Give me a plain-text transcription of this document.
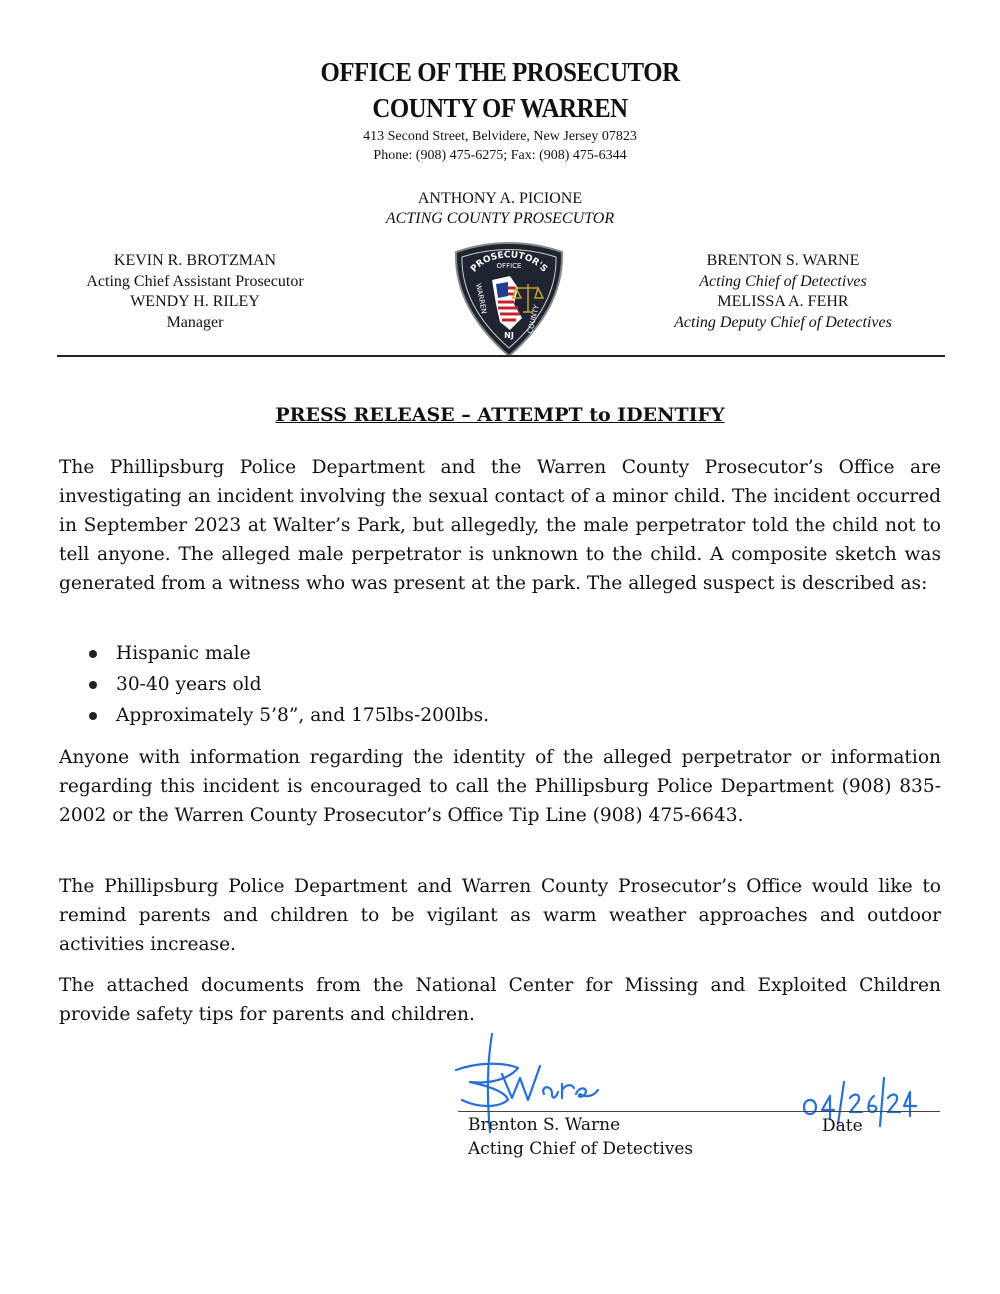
OFFICE OF THE PROSECUTOR
COUNTY OF WARREN
413 Second Street, Belvidere, New Jersey 07823
Phone: (908) 475-6275; Fax: (908) 475-6344
ANTHONY A. PICIONE
ACTING COUNTY PROSECUTOR
KEVIN R. BROTZMAN
Acting Chief Assistant Prosecutor
WENDY H. RILEY
Manager
BRENTON S. WARNE
Acting Chief of Detectives
MELISSA A. FEHR
Acting Deputy Chief of Detectives
PROSECUTOR'S
OFFICE
WARREN
COUNTY
NJ
PRESS RELEASE – ATTEMPT to IDENTIFY

The Phillipsburg Police Department and the Warren County Prosecutor’s Office are investigating an incident involving the sexual contact of a minor child. The incident occurred in September 2023 at Walter’s Park, but allegedly, the male perpetrator told the child not to tell anyone. The alleged male perpetrator is unknown to the child. A composite sketch was generated from a witness who was present at the park. The alleged suspect is described as:

Hispanic male
30-40 years old
Approximately 5’8”, and 175lbs-200lbs.

Anyone with information regarding the identity of the alleged perpetrator or information regarding this incident is encouraged to call the Phillipsburg Police Department (908) 835-2002 or the Warren County Prosecutor’s Office Tip Line (908) 475-6643.

The Phillipsburg Police Department and Warren County Prosecutor’s Office would like to remind parents and children to be vigilant as warm weather approaches and outdoor activities increase.

The attached documents from the National Center for Missing and Exploited Children provide safety tips for parents and children.

Brenton S. Warne
Acting Chief of Detectives
Date
